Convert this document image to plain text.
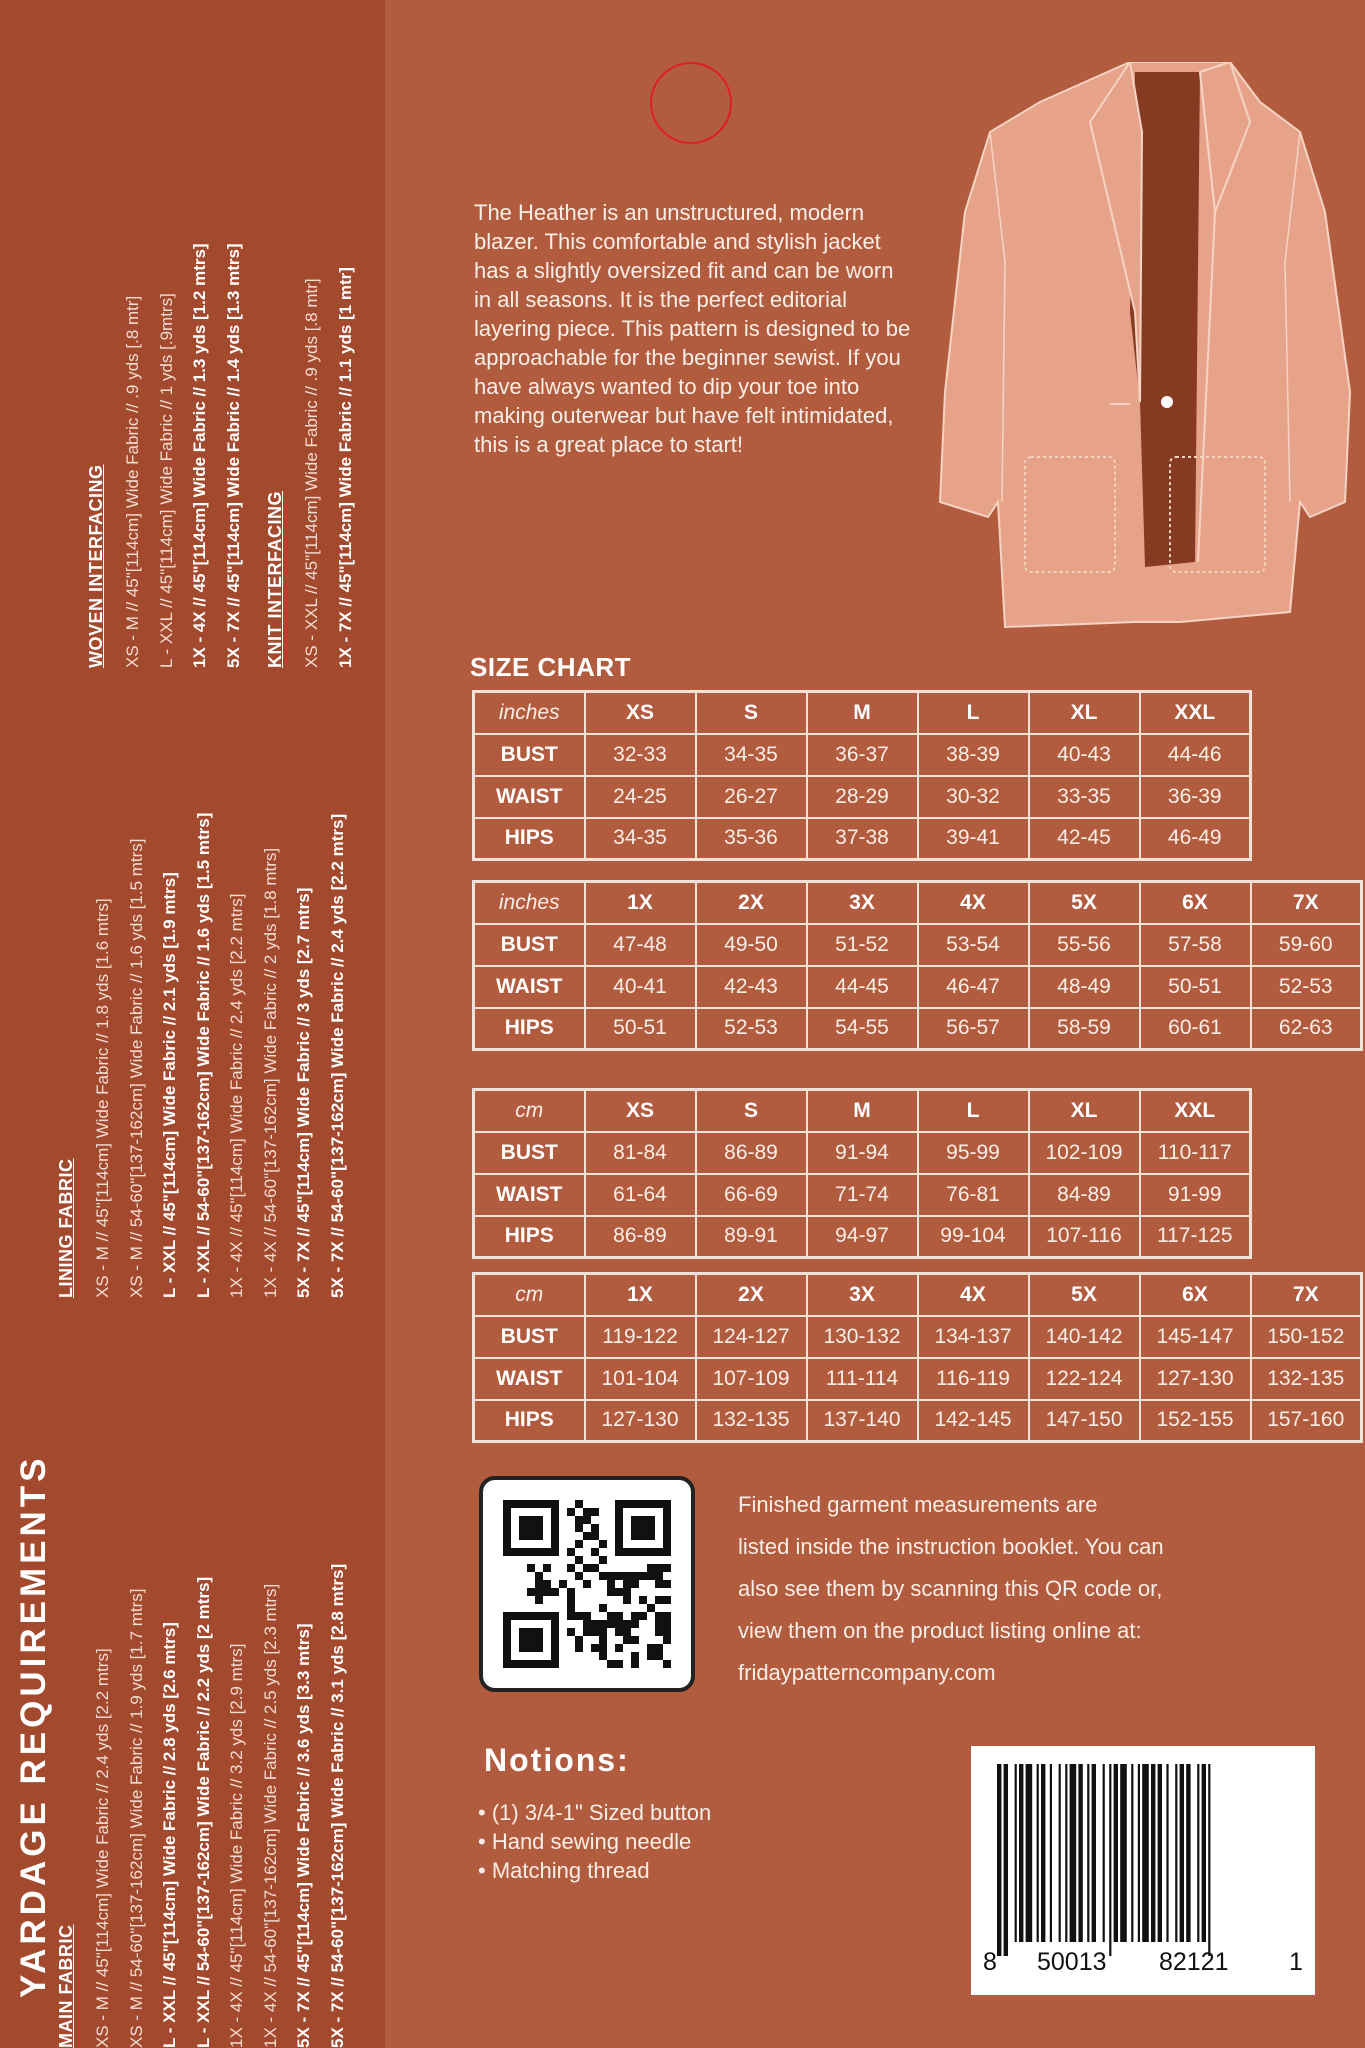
YARDAGE REQUIREMENTS MAIN FABRIC	XS - M // 45"[114cm] Wide Fabric // 2.4 yds [2.2 mtrs] XS - M // 54-60"[137-162cm] Wide Fabric // 1.9 yds [1.7 mtrs] L - XXL // 45"[114cm] Wide Fabric // 2.8 yds [2.6 mtrs] L - XXL // 54-60"[137-162cm] Wide Fabric // 2.2 yds [2 mtrs] 1X - 4X // 45"[114cm] Wide Fabric // 3.2 yds [2.9 mtrs] 1X - 4X // 54-60"[137-162cm] Wide Fabric // 2.5 yds [2.3 mtrs] 5X - 7X // 45"[114cm] Wide Fabric // 3.6 yds [3.3 mtrs] 5X - 7X // 54-60"[137-162cm] Wide Fabric // 3.1 yds [2.8 mtrs]
LINING FABRIC	XS - M // 45"[114cm] Wide Fabric // 1.8 yds [1.6 mtrs] XS - M // 54-60"[137-162cm] Wide Fabric // 1.6 yds [1.5 mtrs] L - XXL // 45"[114cm] Wide Fabric // 2.1 yds [1.9 mtrs] L - XXL // 54-60"[137-162cm] Wide Fabric // 1.6 yds [1.5 mtrs] 1X - 4X // 45"[114cm] Wide Fabric // 2.4 yds [2.2 mtrs] 1X - 4X // 54-60"[137-162cm] Wide Fabric // 2 yds [1.8 mtrs] 5X - 7X // 45"[114cm] Wide Fabric // 3 yds [2.7 mtrs] 5X - 7X // 54-60"[137-162cm] Wide Fabric // 2.4 yds [2.2 mtrs]
WOVEN INTERFACING	XS - M // 45"[114cm] Wide Fabric // .9 yds [.8 mtr] L - XXL // 45"[114cm] Wide Fabric // 1 yds [.9mtrs] 1X - 4X // 45"[114cm] Wide Fabric // 1.3 yds [1.2 mtrs] 5X - 7X // 45"[114cm] Wide Fabric // 1.4 yds [1.3 mtrs]	KNIT INTERFACING	XS - XXL // 45"[114cm] Wide Fabric // .9 yds [.8 mtr] 1X - 7X // 45"[114cm] Wide Fabric // 1.1 yds [1 mtr]

The Heather is an unstructured, modern blazer. This comfortable and stylish jacket has a slightly oversized fit and can be worn in all seasons. It is the perfect editorial layering piece. This pattern is designed to be approachable for the beginner sewist. If you have always wanted to dip your toe into making outerwear but have felt intimidated, this is a great place to start!

SIZE CHART
inches	XS	S	M	L	XL	XXL
BUST	32-33	34-35	36-37	38-39	40-43	44-46
WAIST	24-25	26-27	28-29	30-32	33-35	36-39
HIPS	34-35	35-36	37-38	39-41	42-45	46-49
inches	1X	2X	3X	4X	5X	6X	7X
BUST	47-48	49-50	51-52	53-54	55-56	57-58	59-60
WAIST	40-41	42-43	44-45	46-47	48-49	50-51	52-53
HIPS	50-51	52-53	54-55	56-57	58-59	60-61	62-63
cm	XS	S	M	L	XL	XXL
BUST	81-84	86-89	91-94	95-99	102-109	110-117
WAIST	61-64	66-69	71-74	76-81	84-89	91-99
HIPS	86-89	89-91	94-97	99-104	107-116	117-125
cm	1X	2X	3X	4X	5X	6X	7X
BUST	119-122	124-127	130-132	134-137	140-142	145-147	150-152
WAIST	101-104	107-109	111-114	116-119	122-124	127-130	132-135
HIPS	127-130	132-135	137-140	142-145	147-150	152-155	157-160
Finished garment measurements are
listed inside the instruction booklet. You can
also see them by scanning this QR code or,
view them on the product listing online at:
fridaypatterncompany.com
Notions:
• (1) 3/4-1" Sized button
• Hand sewing needle
• Matching thread
8 50013 82121 1
